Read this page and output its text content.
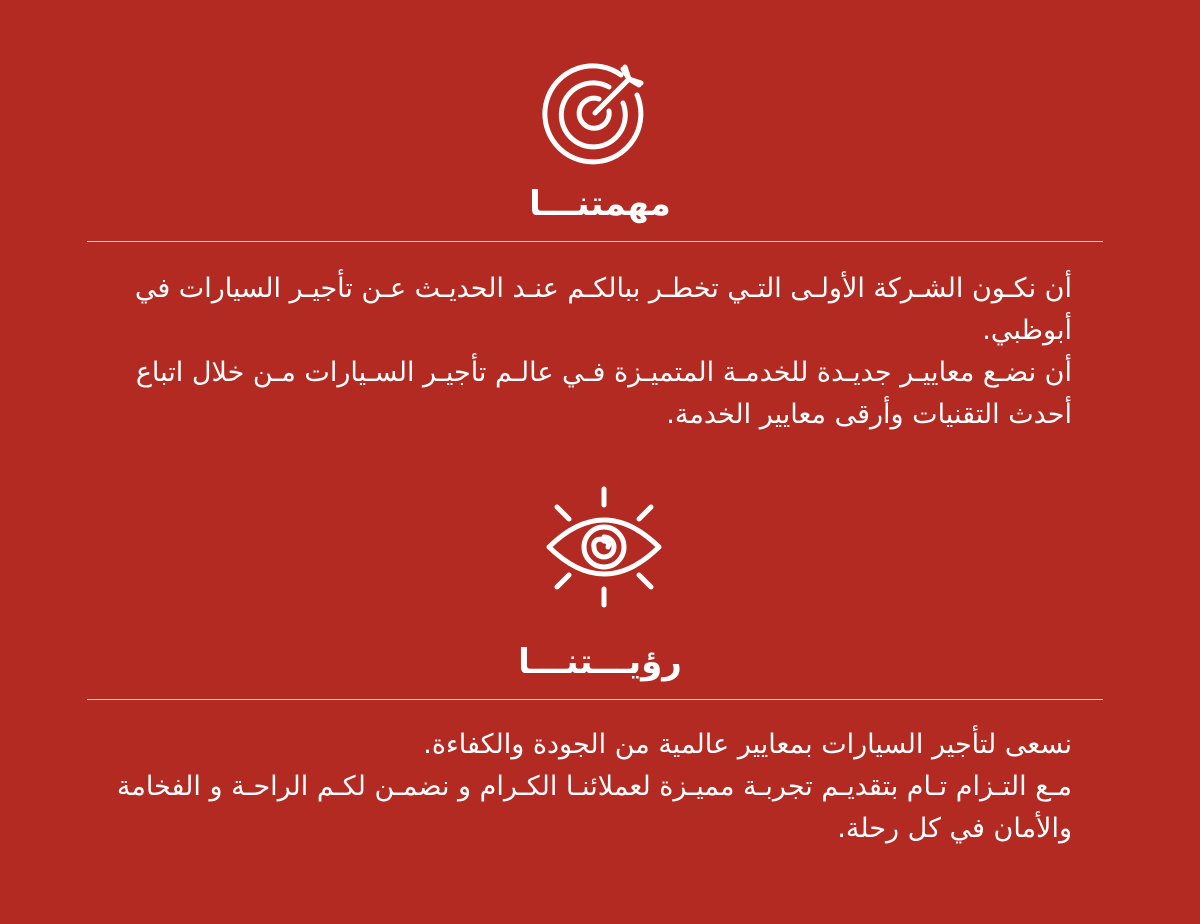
مهمتنـــا

أن نكـون الشـركة الأولـى التـي تخطـر ببالكـم عنـد الحديـث عـن تأجيـر السيارات في أبوظبي.

أن نضـع معاييـر جديـدة للخدمـة المتميـزة فـي عالـم تأجيـر السـيارات مـن خلال اتباع أحدث التقنيات وأرقى معايير الخدمة.

رؤيـــتنـــا

نسعى لتأجير السيارات بمعايير عالمية من الجودة والكفاءة.

مـع التـزام تـام بتقديـم تجربـة مميـزة لعملائنـا الكـرام و نضمـن لكـم الراحـة و الفخامة والأمان في كل رحلة.
